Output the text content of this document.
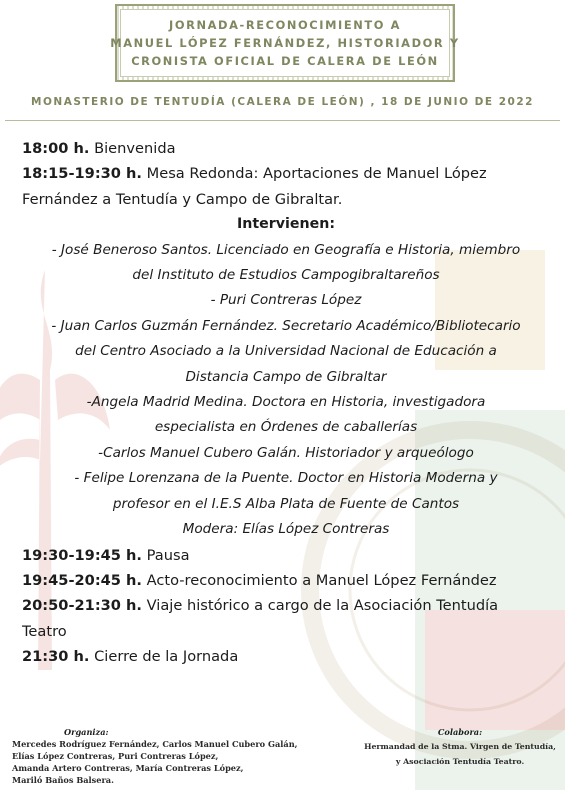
JORNADA-RECONOCIMIENTO A
MANUEL LÓPEZ FERNÁNDEZ, HISTORIADOR Y
CRONISTA OFICIAL DE CALERA DE LEÓN
MONASTERIO DE TENTUDÍA (CALERA DE LEÓN) , 18 DE JUNIO DE 2022
18:00 h. Bienvenida
18:15-19:30 h. Mesa Redonda: Aportaciones de Manuel López
Fernández a Tentudía y Campo de Gibraltar.
Intervienen:
- José Beneroso Santos. Licenciado en Geografía e Historia, miembro
del Instituto de Estudios Campogibraltareños
- Puri Contreras López
- Juan Carlos Guzmán Fernández. Secretario Académico/Bibliotecario
del Centro Asociado a la Universidad Nacional de Educación a
Distancia Campo de Gibraltar
-Angela Madrid Medina. Doctora en Historia, investigadora
especialista en Órdenes de caballerías
-Carlos Manuel Cubero Galán. Historiador y arqueólogo
- Felipe Lorenzana de la Puente. Doctor en Historia Moderna y
profesor en el I.E.S Alba Plata de Fuente de Cantos
Modera: Elías López Contreras
19:30-19:45 h. Pausa
19:45-20:45 h. Acto-reconocimiento a Manuel López Fernández
20:50-21:30 h. Viaje histórico a cargo de la Asociación Tentudía
Teatro
21:30 h. Cierre de la Jornada
Organiza:
Mercedes Rodríguez Fernández, Carlos Manuel Cubero Galán,
Elías López Contreras, Puri Contreras López,
Amanda Artero Contreras, María Contreras López,
Mariló Baños Balsera.
Colabora:
Hermandad de la Stma. Virgen de Tentudía,
y Asociación Tentudía Teatro.
